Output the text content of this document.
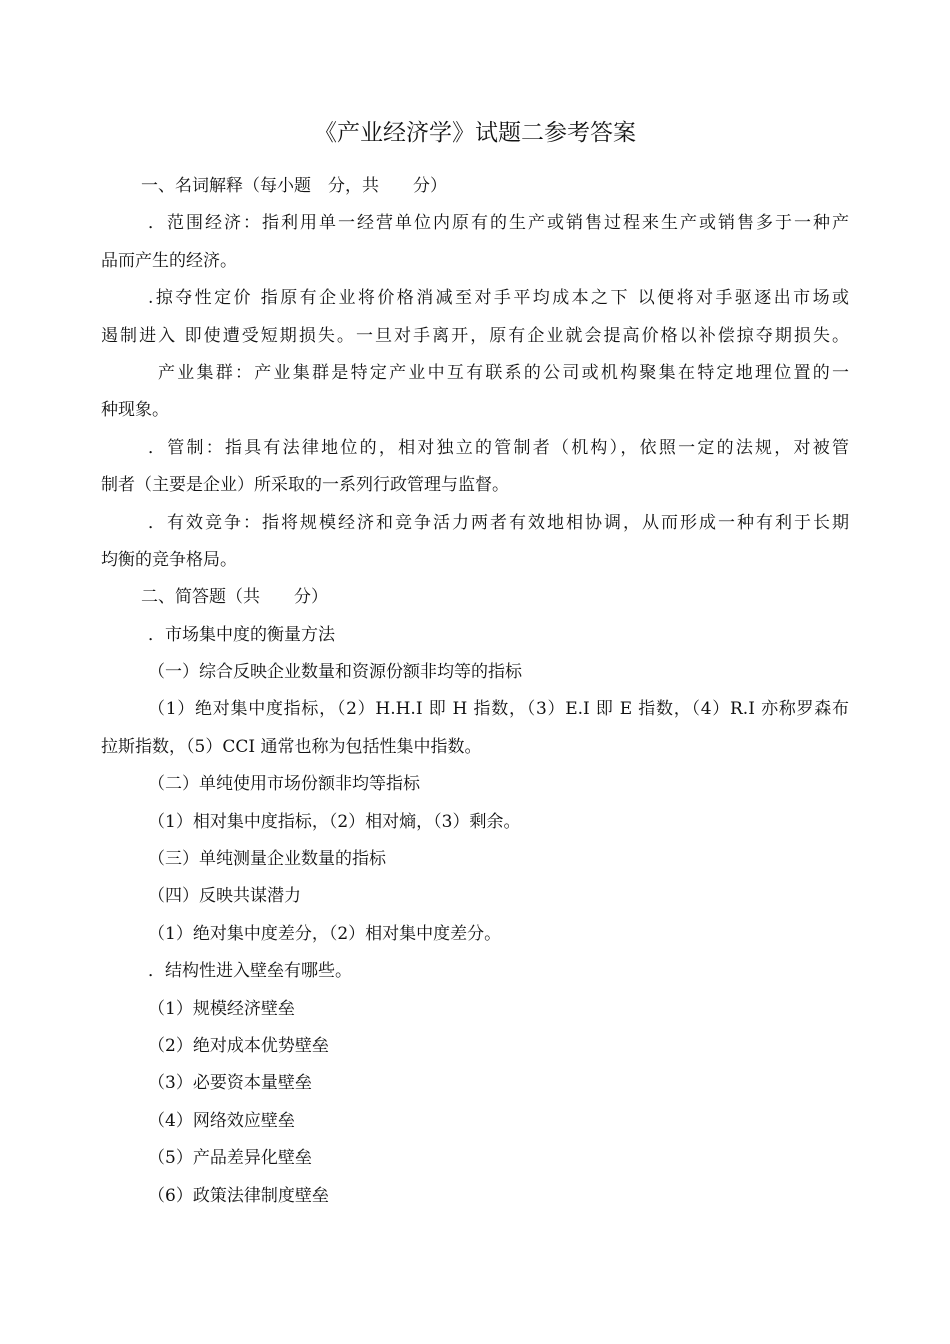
《产业经济学》试题二参考答案
一、名词解释（每小题　分，共　　分）
．范围经济：指利用单一经营单位内原有的生产或销售过程来生产或销售多于一种产
品而产生的经济。
.掠夺性定价 指原有企业将价格消减至对手平均成本之下 以便将对手驱逐出市场或
遏制进入 即使遭受短期损失。一旦对手离开，原有企业就会提高价格以补偿掠夺期损失。
产业集群：产业集群是特定产业中互有联系的公司或机构聚集在特定地理位置的一
种现象。
．管制：指具有法律地位的，相对独立的管制者（机构），依照一定的法规，对被管
制者（主要是企业）所采取的一系列行政管理与监督。
．有效竞争：指将规模经济和竞争活力两者有效地相协调，从而形成一种有利于长期
均衡的竞争格局。
二、简答题（共　　分）
．市场集中度的衡量方法
（一）综合反映企业数量和资源份额非均等的指标
（1）绝对集中度指标，（2）H.H.I 即 H 指数，（3）E.I 即 E 指数，（4）R.I 亦称罗森布
拉斯指数，（5）CCI 通常也称为包括性集中指数。
（二）单纯使用市场份额非均等指标
（1）相对集中度指标，（2）相对熵，（3）剩余。
（三）单纯测量企业数量的指标
（四）反映共谋潜力
（1）绝对集中度差分，（2）相对集中度差分。
．结构性进入壁垒有哪些。
（1）规模经济壁垒
（2）绝对成本优势壁垒
（3）必要资本量壁垒
（4）网络效应壁垒
（5）产品差异化壁垒
（6）政策法律制度壁垒
